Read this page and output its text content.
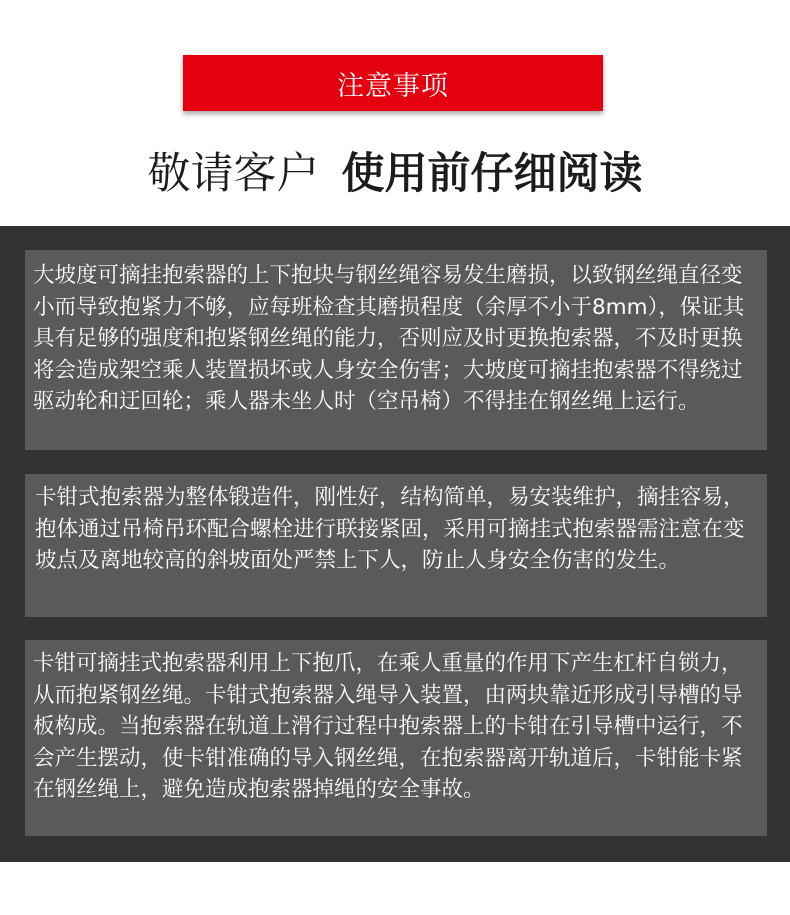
注意事项
敬请客户 使用前仔细阅读

大坡度可摘挂抱索器的上下抱块与钢丝绳容易发生磨损，以致钢丝绳直径变小而导致抱紧力不够，应每班检查其磨损程度（余厚不小于8mm），保证其具有足够的强度和抱紧钢丝绳的能力，否则应及时更换抱索器，不及时更换将会造成架空乘人装置损坏或人身安全伤害；大坡度可摘挂抱索器不得绕过驱动轮和迂回轮；乘人器未坐人时（空吊椅）不得挂在钢丝绳上运行。

卡钳式抱索器为整体锻造件，刚性好，结构简单，易安装维护，摘挂容易，抱体通过吊椅吊环配合螺栓进行联接紧固，采用可摘挂式抱索器需注意在变坡点及离地较高的斜坡面处严禁上下人，防止人身安全伤害的发生。

卡钳可摘挂式抱索器利用上下抱爪，在乘人重量的作用下产生杠杆自锁力，从而抱紧钢丝绳。卡钳式抱索器入绳导入装置，由两块靠近形成引导槽的导板构成。当抱索器在轨道上滑行过程中抱索器上的卡钳在引导槽中运行，不会产生摆动，使卡钳准确的导入钢丝绳，在抱索器离开轨道后，卡钳能卡紧在钢丝绳上，避免造成抱索器掉绳的安全事故。
